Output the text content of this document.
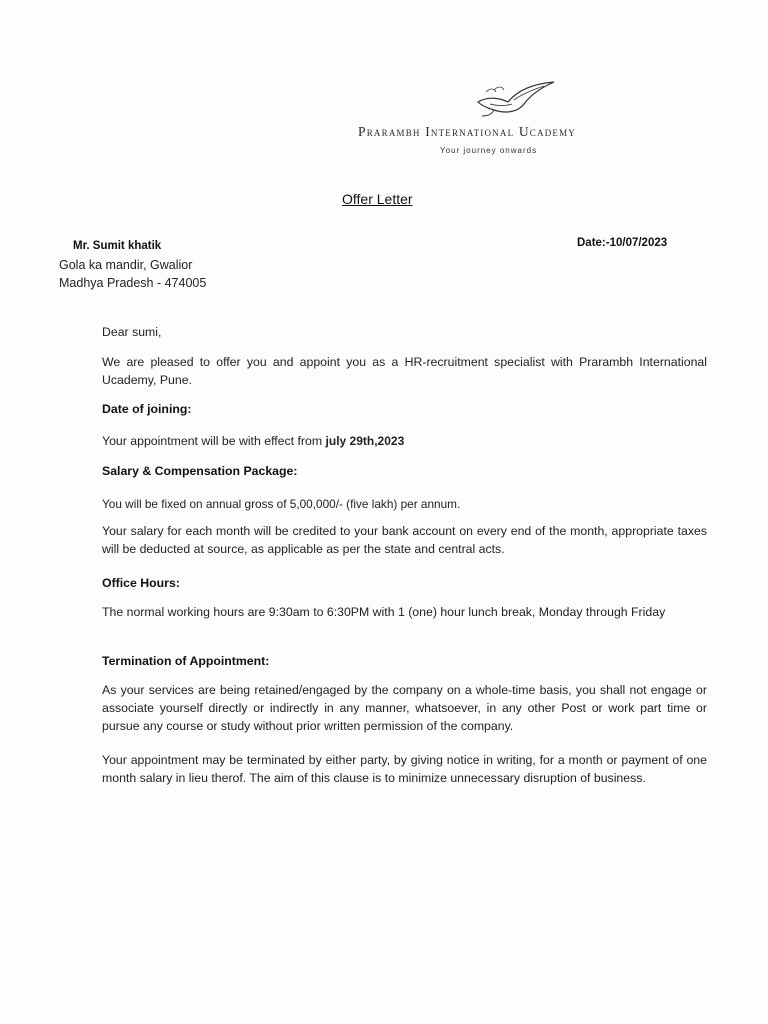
Prarambh International Ucademy
Your journey onwards
Offer Letter
Mr. Sumit khatik
Gola ka mandir, Gwalior
Madhya Pradesh - 474005
Date:-10/07/2023
Dear sumi,
We are pleased to offer you and appoint you as a HR-recruitment specialist with Prarambh International Ucademy, Pune.
Date of joining:
Your appointment will be with effect from july 29th,2023
Salary & Compensation Package:
You will be fixed on annual gross of 5,00,000/- (five lakh) per annum.
Your salary for each month will be credited to your bank account on every end of the month, appropriate taxes will be deducted at source, as applicable as per the state and central acts.
Office Hours:
The normal working hours are 9:30am to 6:30PM with 1 (one) hour lunch break, Monday through Friday
Termination of Appointment:
As your services are being retained/engaged by the company on a whole-time basis, you shall not engage or associate yourself directly or indirectly in any manner, whatsoever, in any other Post or work part time or pursue any course or study without prior written permission of the company.
Your appointment may be terminated by either party, by giving notice in writing, for a month or payment of one month salary in lieu therof. The aim of this clause is to minimize unnecessary disruption of business.
